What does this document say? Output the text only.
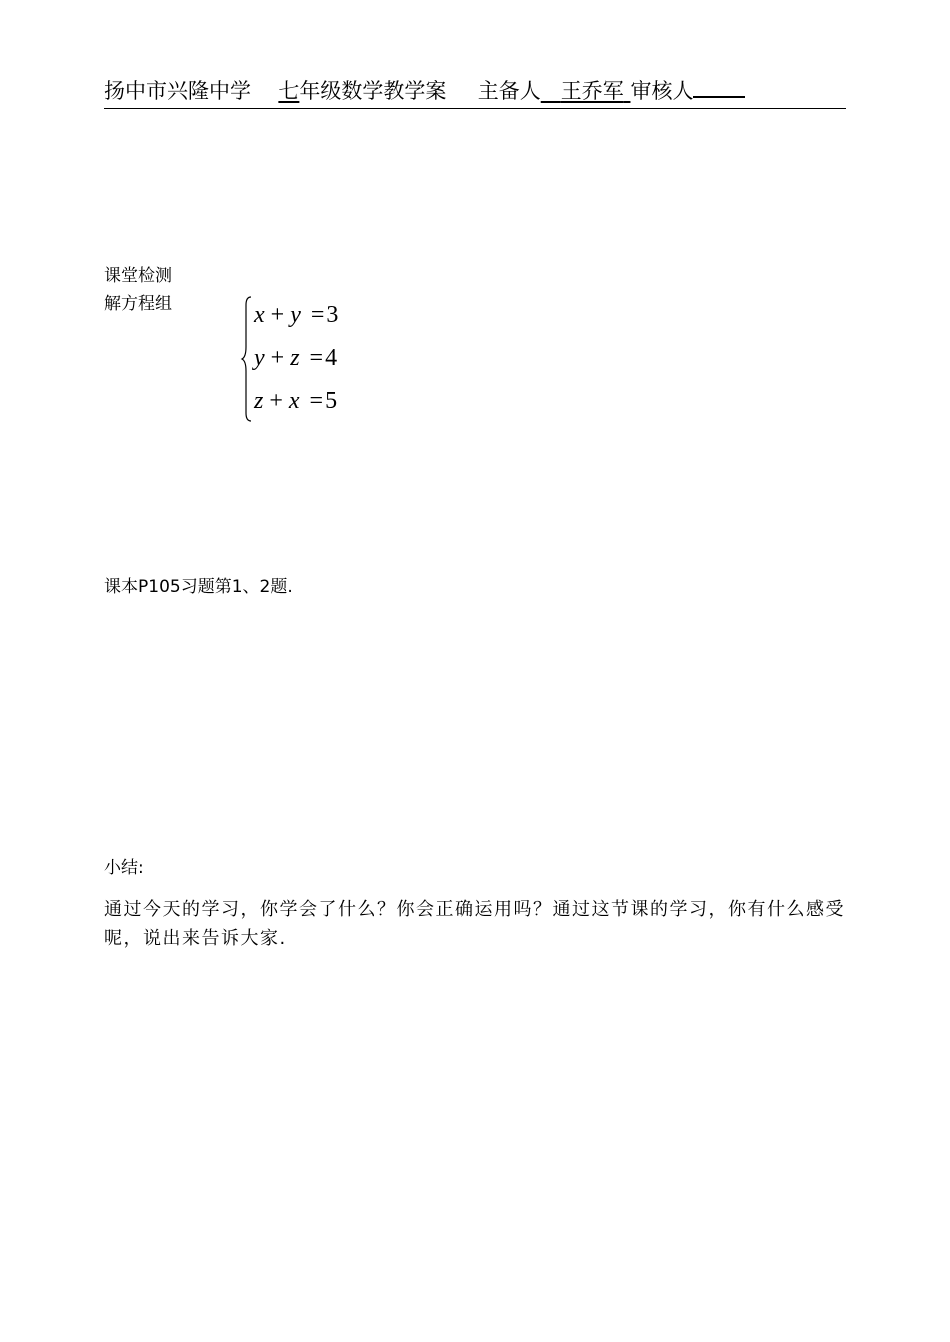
扬中市兴隆中学 七年级数学教学案 主备人 王乔军 审核人
课堂检测
解方程组	x + y =3
y + z =4
z + x =5
课本P105习题第1、2题.
小结:
通过今天的学习，你学会了什么？你会正确运用吗？通过这节课的学习，你有什么感受呢，说出来告诉大家.
